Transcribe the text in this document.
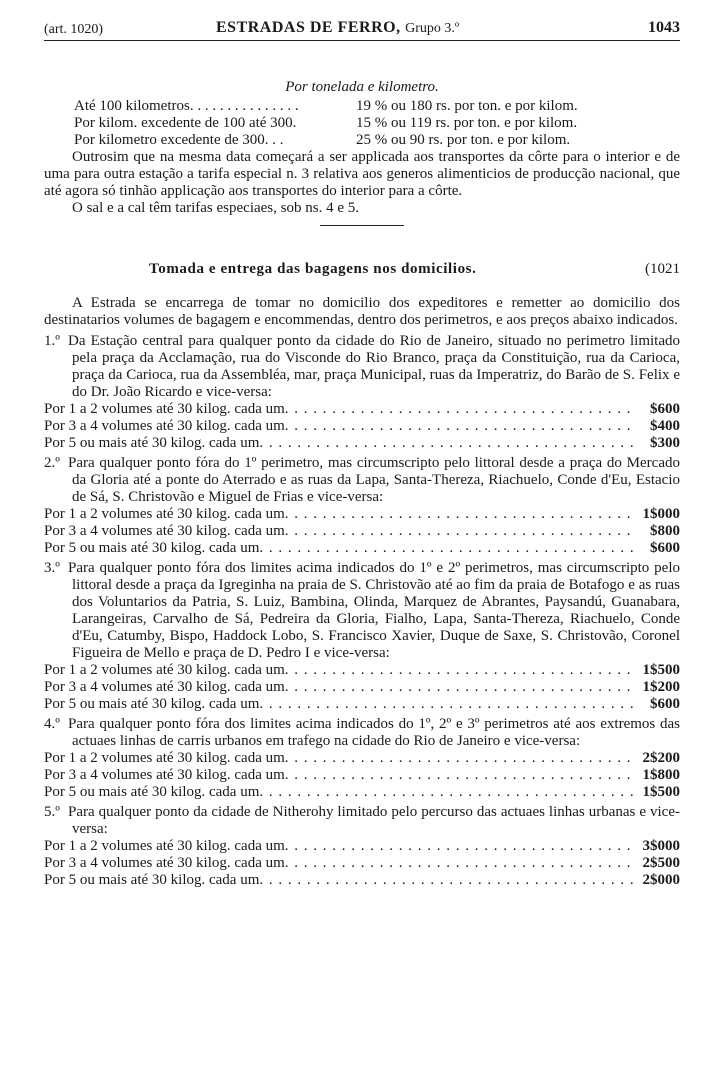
(art. 1020)	ESTRADAS DE FERRO, Grupo 3.º	1043
Por tonelada e kilometro.
Até 100 kilometros. . . . . . . . . . . . . . .	19 % ou 180 rs. por ton. e por kilom.
Por kilom. excedente de 100 até 300.	15 % ou 119 rs. por ton. e por kilom.
Por kilometro excedente de 300. . .	25 % ou 90 rs. por ton. e por kilom.

Outrosim que na mesma data começará a ser applicada aos transportes da côrte para o interior e de uma para outra estação a tarifa especial n. 3 relativa aos generos alimenticios de producção nacional, que até agora só tinhão applicação aos transportes do interior para a côrte.

O sal e a cal têm tarifas especiaes, sob ns. 4 e 5.

Tomada e entrega das bagagens nos domicilios.	(1021

A Estrada se encarrega de tomar no domicilio dos expeditores e remetter ao domicilio dos destinatarios volumes de bagagem e encommendas, dentro dos perimetros, e aos preços abaixo indicados.

1.º Da Estação central para qualquer ponto da cidade do Rio de Janeiro, situado no perimetro limitado pela praça da Acclamação, rua do Visconde do Rio Branco, praça da Constituição, rua da Carioca, praça da Carioca, rua da Assembléa, mar, praça Municipal, ruas da Imperatriz, do Barão de S. Felix e do Dr. João Ricardo e vice-versa:
Por 1 a 2 volumes até 30 kilog. cada um . . .	$600
Por 3 a 4 volumes até 30 kilog. cada um . . .	$400
Por 5 ou mais até 30 kilog. cada um . . .	$300
2.º Para qualquer ponto fóra do 1º perimetro, mas circumscripto pelo littoral desde a praça do Mercado da Gloria até a ponte do Aterrado e as ruas da Lapa, Santa-Thereza, Riachuelo, Conde d'Eu, Estacio de Sá, S. Christovão e Miguel de Frias e vice-versa:
Por 1 a 2 volumes até 30 kilog. cada um . . .	1$000
Por 3 a 4 volumes até 30 kilog. cada um . . .	$800
Por 5 ou mais até 30 kilog. cada um . . .	$600
3.º Para qualquer ponto fóra dos limites acima indicados do 1º e 2º perimetros, mas circumscripto pelo littoral desde a praça da Igreginha na praia de S. Christovão até ao fim da praia de Botafogo e as ruas dos Voluntarios da Patria, S. Luiz, Bambina, Olinda, Marquez de Abrantes, Paysandú, Guanabara, Larangeiras, Carvalho de Sá, Pedreira da Gloria, Fialho, Lapa, Santa-Thereza, Riachuelo, Conde d'Eu, Catumby, Bispo, Haddock Lobo, S. Francisco Xavier, Duque de Saxe, S. Christovão, Coronel Figueira de Mello e praça de D. Pedro I e vice-versa:
Por 1 a 2 volumes até 30 kilog. cada um . . .	1$500
Por 3 a 4 volumes até 30 kilog. cada um . . .	1$200
Por 5 ou mais até 30 kilog. cada um . . .	$600
4.º Para qualquer ponto fóra dos limites acima indicados do 1º, 2º e 3º perimetros até aos extremos das actuaes linhas de carris urbanos em trafego na cidade do Rio de Janeiro e vice-versa:
Por 1 a 2 volumes até 30 kilog. cada um . . .	2$200
Por 3 a 4 volumes até 30 kilog. cada um . . .	1$800
Por 5 ou mais até 30 kilog. cada um . . .	1$500
5.º Para qualquer ponto da cidade de Nitherohy limitado pelo percurso das actuaes linhas urbanas e vice-versa:
Por 1 a 2 volumes até 30 kilog. cada um . . .	3$000
Por 3 a 4 volumes até 30 kilog. cada um . . .	2$500
Por 5 ou mais até 30 kilog. cada um . . .	2$000
